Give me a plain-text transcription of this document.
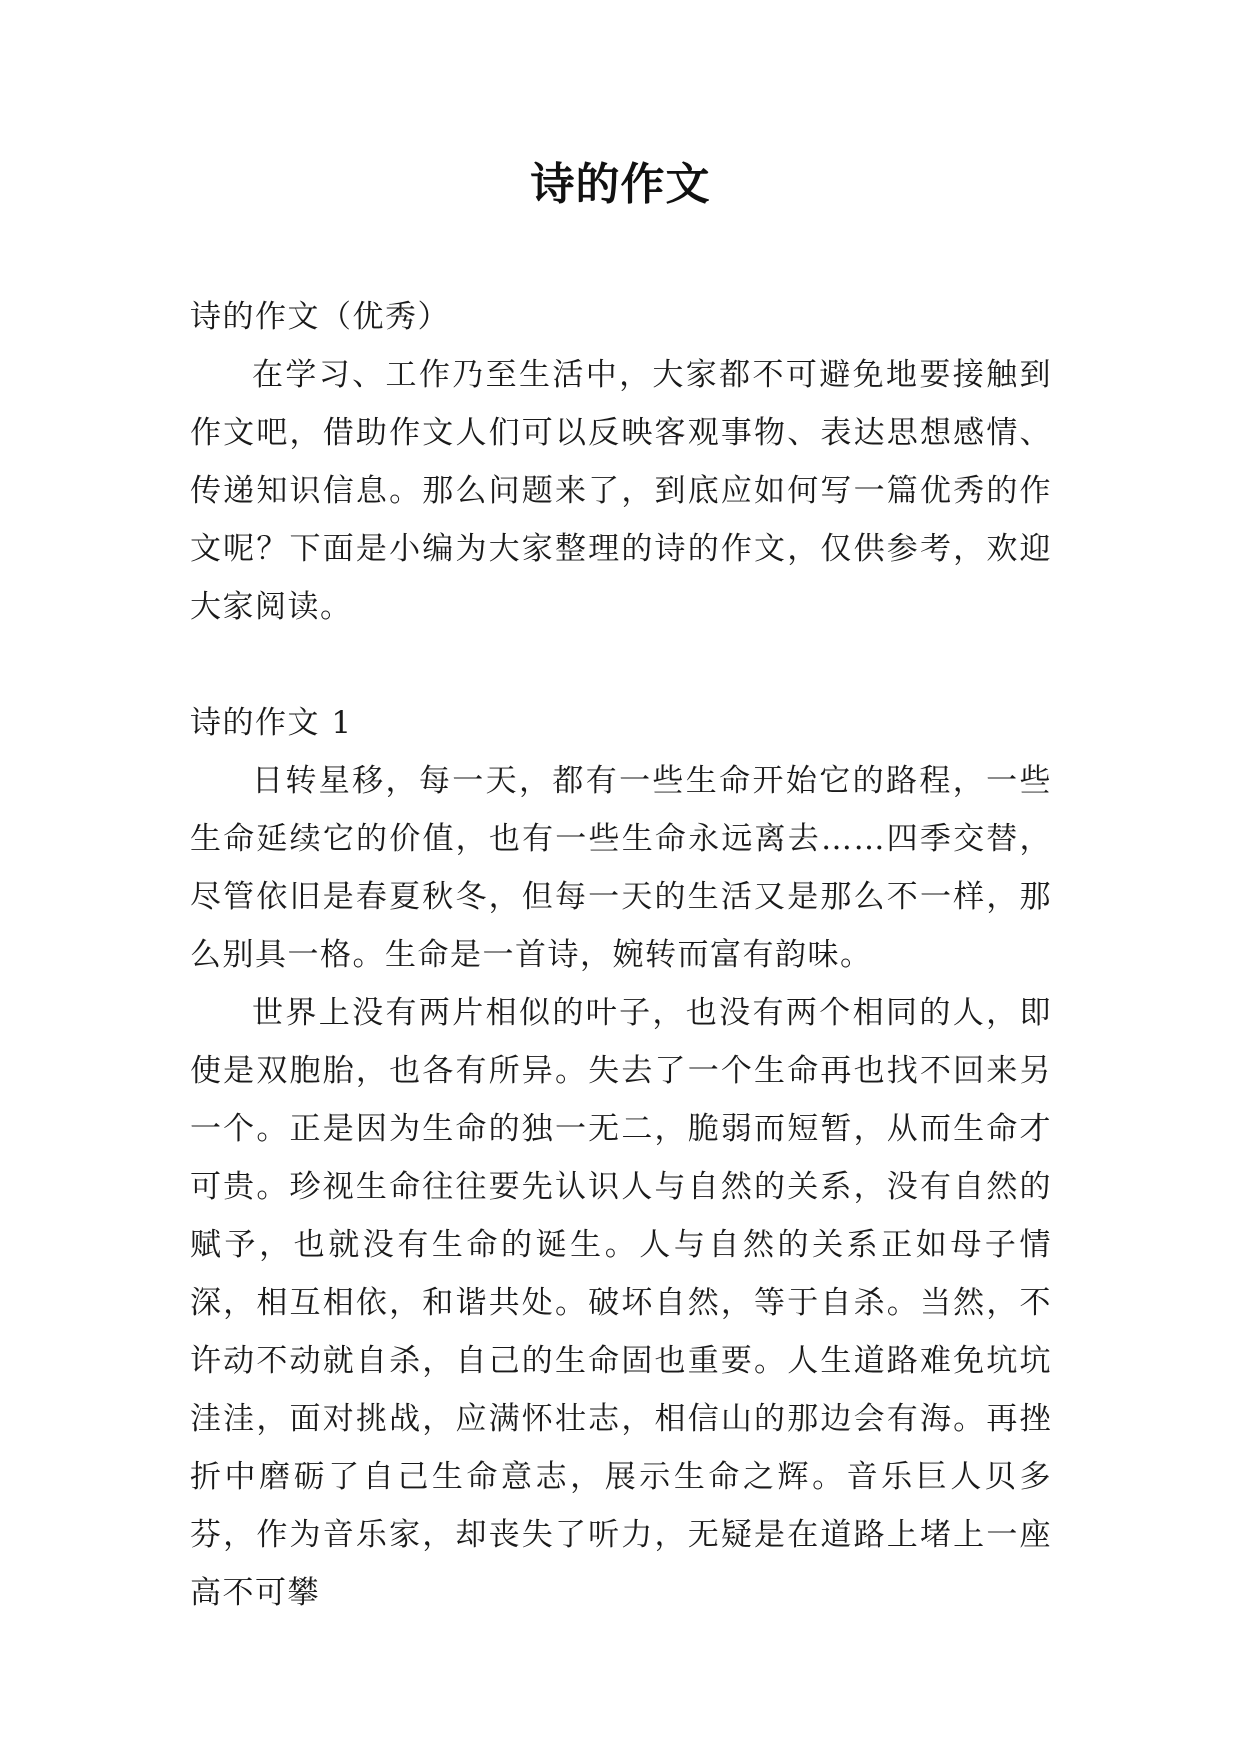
诗的作文

诗的作文（优秀）

在学习、工作乃至生活中，大家都不可避免地要接触到作文吧，借助作文人们可以反映客观事物、表达思想感情、传递知识信息。那么问题来了，到底应如何写一篇优秀的作文呢？下面是小编为大家整理的诗的作文，仅供参考，欢迎大家阅读。

诗的作文 1

日转星移，每一天，都有一些生命开始它的路程，一些生命延续它的价值，也有一些生命永远离去……四季交替，尽管依旧是春夏秋冬，但每一天的生活又是那么不一样，那么别具一格。生命是一首诗，婉转而富有韵味。

世界上没有两片相似的叶子，也没有两个相同的人，即使是双胞胎，也各有所异。失去了一个生命再也找不回来另一个。正是因为生命的独一无二，脆弱而短暂，从而生命才可贵。珍视生命往往要先认识人与自然的关系，没有自然的赋予，也就没有生命的诞生。人与自然的关系正如母子情深，相互相依，和谐共处。破坏自然，等于自杀。当然，不许动不动就自杀，自己的生命固也重要。人生道路难免坑坑洼洼，面对挑战，应满怀壮志，相信山的那边会有海。再挫折中磨砺了自己生命意志，展示生命之辉。音乐巨人贝多芬，作为音乐家，却丧失了听力，无疑是在道路上堵上一座高不可攀
